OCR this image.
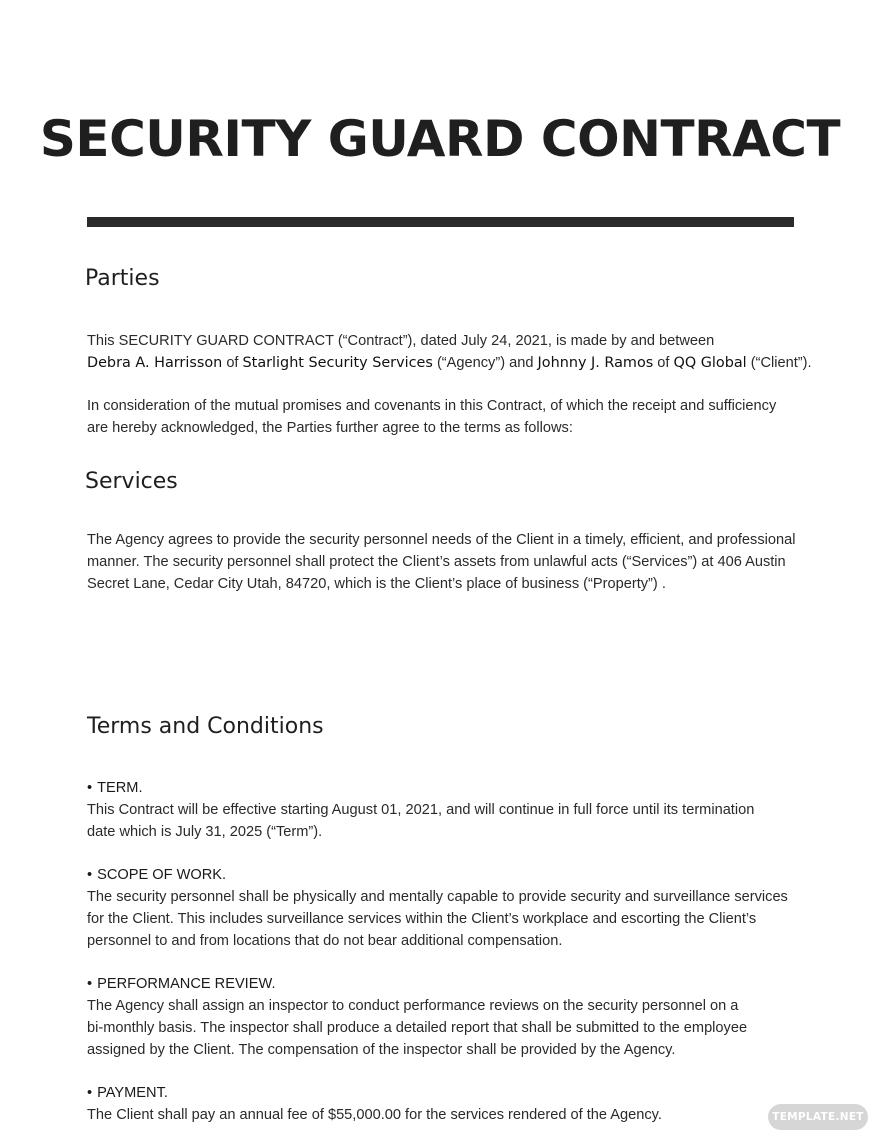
SECURITY GUARD CONTRACT
Parties

This SECURITY GUARD CONTRACT (“Contract”), dated July 24, 2021, is made by and between
Debra A. Harrisson of Starlight Security Services (“Agency”) and Johnny J. Ramos of QQ Global (“Client”).

In consideration of the mutual promises and covenants in this Contract, of which the receipt and sufficiency
are hereby acknowledged, the Parties further agree to the terms as follows:

Services

The Agency agrees to provide the security personnel needs of the Client in a timely, efficient, and professional
manner. The security personnel shall protect the Client’s assets from unlawful acts (“Services”) at 406 Austin
Secret Lane, Cedar City Utah, 84720, which is the Client’s place of business (“Property”) .

Terms and Conditions

• TERM.

This Contract will be effective starting August 01, 2021, and will continue in full force until its termination
date which is July 31, 2025 (“Term”).

• SCOPE OF WORK.

The security personnel shall be physically and mentally capable to provide security and surveillance services
for the Client. This includes surveillance services within the Client’s workplace and escorting the Client’s
personnel to and from locations that do not bear additional compensation.

• PERFORMANCE REVIEW.

The Agency shall assign an inspector to conduct performance reviews on the security personnel on a
bi-monthly basis. The inspector shall produce a detailed report that shall be submitted to the employee
assigned by the Client. The compensation of the inspector shall be provided by the Agency.

• PAYMENT.

The Client shall pay an annual fee of $55,000.00 for the services rendered of the Agency.	TEMPLATE.NET
